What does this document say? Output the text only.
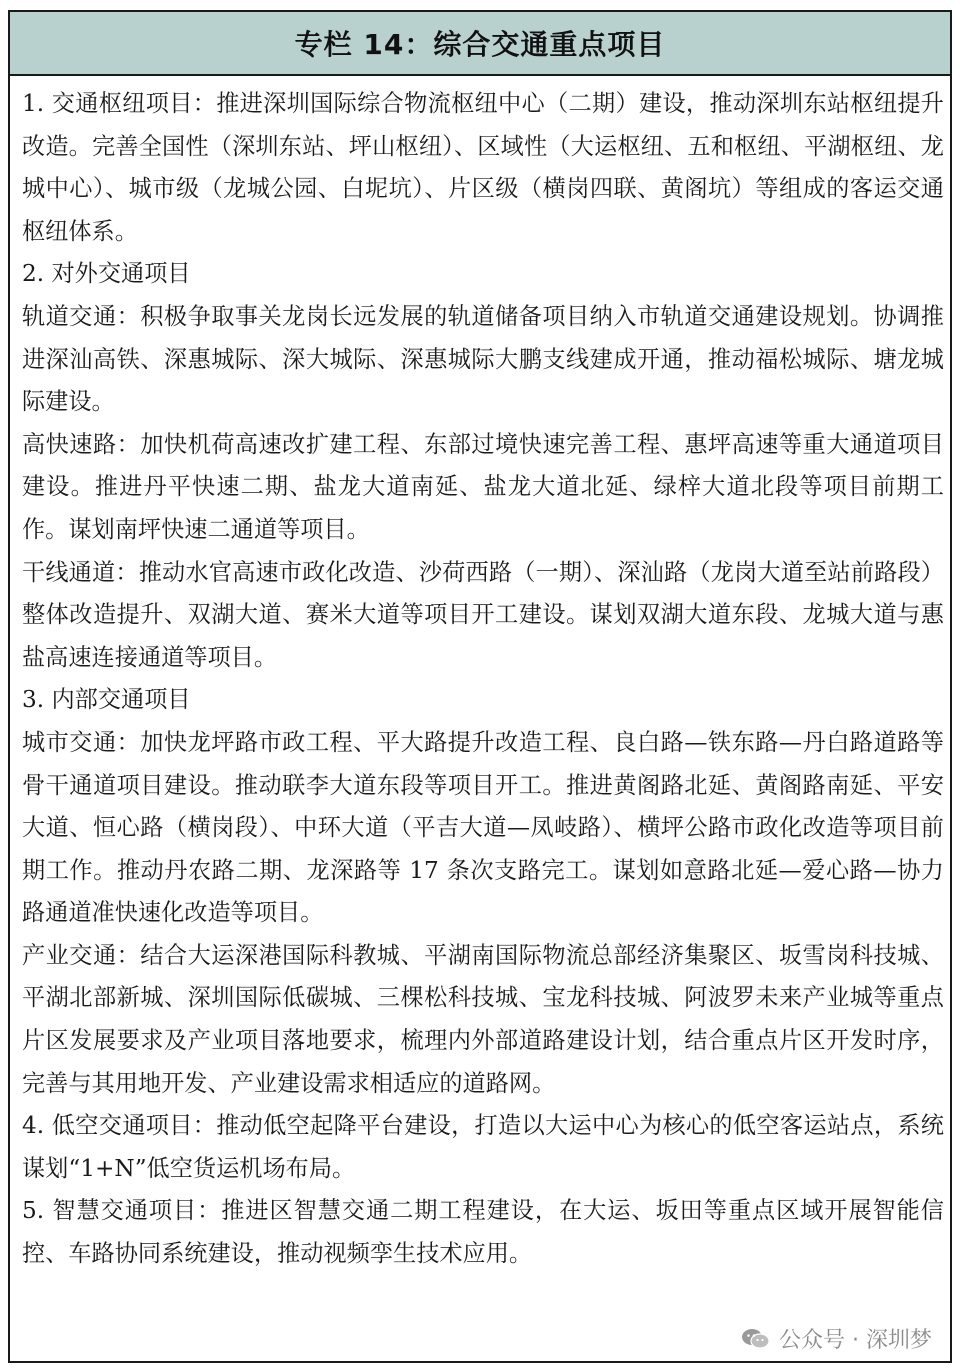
专栏 14：综合交通重点项目

1. 交通枢纽项目：推进深圳国际综合物流枢纽中心（二期）建设，推动深圳东站枢纽提升改造。完善全国性（深圳东站、坪山枢纽）、区域性（大运枢纽、五和枢纽、平湖枢纽、龙城中心）、城市级（龙城公园、白坭坑）、片区级（横岗四联、黄阁坑）等组成的客运交通枢纽体系。

2. 对外交通项目

轨道交通：积极争取事关龙岗长远发展的轨道储备项目纳入市轨道交通建设规划。协调推进深汕高铁、深惠城际、深大城际、深惠城际大鹏支线建成开通，推动福松城际、塘龙城际建设。

高快速路：加快机荷高速改扩建工程、东部过境快速完善工程、惠坪高速等重大通道项目建设。推进丹平快速二期、盐龙大道南延、盐龙大道北延、绿梓大道北段等项目前期工作。谋划南坪快速二通道等项目。

干线通道：推动水官高速市政化改造、沙荷西路（一期）、深汕路（龙岗大道至站前路段）整体改造提升、双湖大道、赛米大道等项目开工建设。谋划双湖大道东段、龙城大道与惠盐高速连接通道等项目。

3. 内部交通项目

城市交通：加快龙坪路市政工程、平大路提升改造工程、良白路—铁东路—丹白路道路等骨干通道项目建设。推动联李大道东段等项目开工。推进黄阁路北延、黄阁路南延、平安大道、恒心路（横岗段）、中环大道（平吉大道—凤岐路）、横坪公路市政化改造等项目前期工作。推动丹农路二期、龙深路等 17 条次支路完工。谋划如意路北延—爱心路—协力路通道准快速化改造等项目。

产业交通：结合大运深港国际科教城、平湖南国际物流总部经济集聚区、坂雪岗科技城、平湖北部新城、深圳国际低碳城、三棵松科技城、宝龙科技城、阿波罗未来产业城等重点片区发展要求及产业项目落地要求，梳理内外部道路建设计划，结合重点片区开发时序，完善与其用地开发、产业建设需求相适应的道路网。

4. 低空交通项目：推动低空起降平台建设，打造以大运中心为核心的低空客运站点，系统谋划“1+N”低空货运机场布局。

5. 智慧交通项目：推进区智慧交通二期工程建设，在大运、坂田等重点区域开展智能信控、车路协同系统建设，推动视频孪生技术应用。

公众号 · 深圳梦
